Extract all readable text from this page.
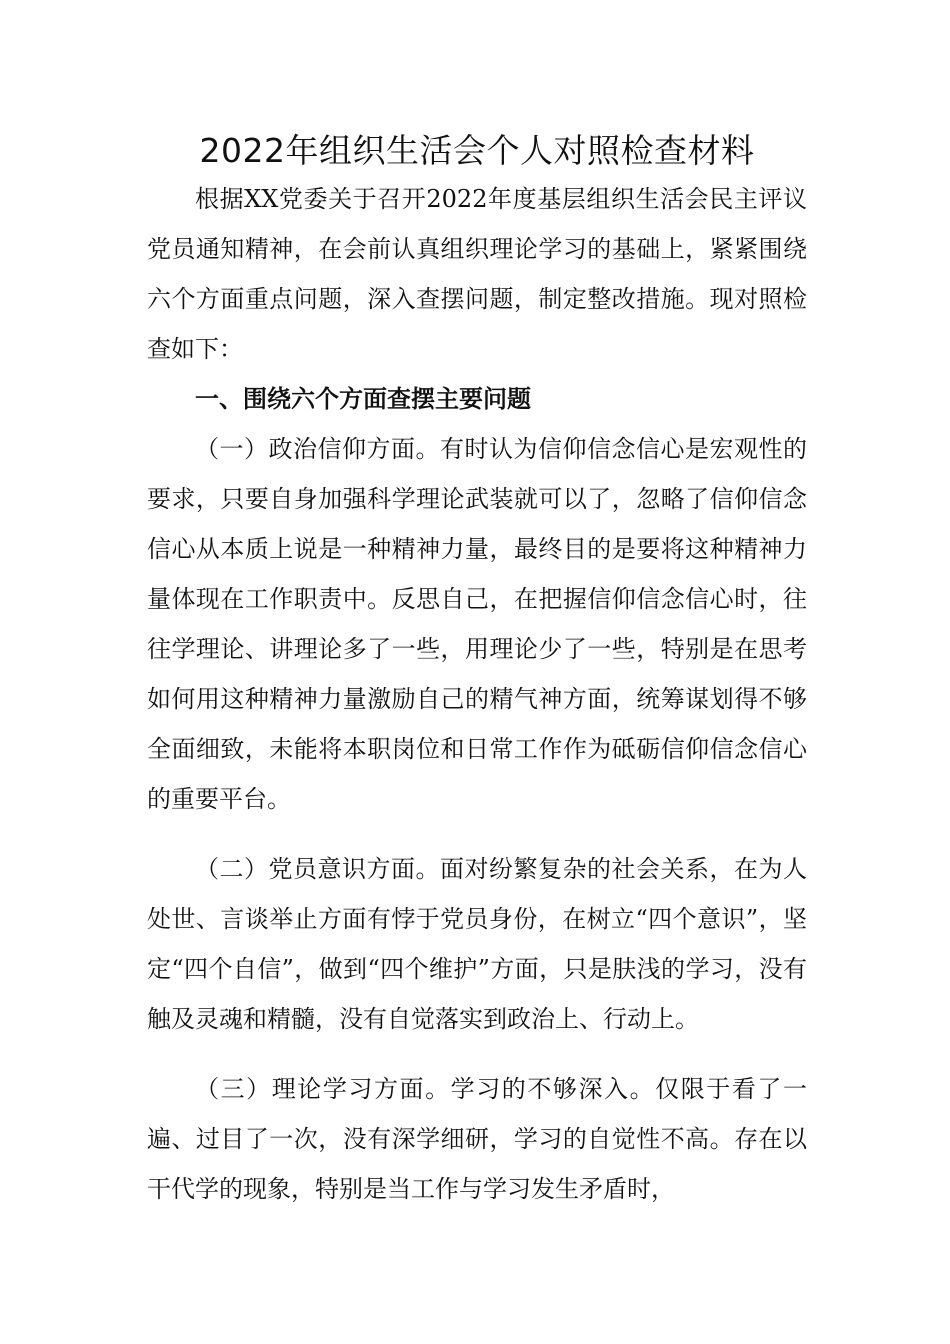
2022年组织生活会个人对照检查材料

根据XX党委关于召开2022年度基层组织生活会民主评议党员通知精神，在会前认真组织理论学习的基础上，紧紧围绕六个方面重点问题，深入查摆问题，制定整改措施。现对照检查如下：

一、围绕六个方面查摆主要问题

（一）政治信仰方面。有时认为信仰信念信心是宏观性的要求，只要自身加强科学理论武装就可以了，忽略了信仰信念信心从本质上说是一种精神力量，最终目的是要将这种精神力量体现在工作职责中。反思自己，在把握信仰信念信心时，往往学理论、讲理论多了一些，用理论少了一些，特别是在思考如何用这种精神力量激励自己的精气神方面，统筹谋划得不够全面细致，未能将本职岗位和日常工作作为砥砺信仰信念信心的重要平台。

（二）党员意识方面。面对纷繁复杂的社会关系，在为人处世、言谈举止方面有悖于党员身份，在树立“四个意识”，坚定“四个自信”，做到“四个维护”方面，只是肤浅的学习，没有触及灵魂和精髓，没有自觉落实到政治上、行动上。

（三）理论学习方面。学习的不够深入。仅限于看了一遍、过目了一次，没有深学细研，学习的自觉性不高。存在以干代学的现象，特别是当工作与学习发生矛盾时，
